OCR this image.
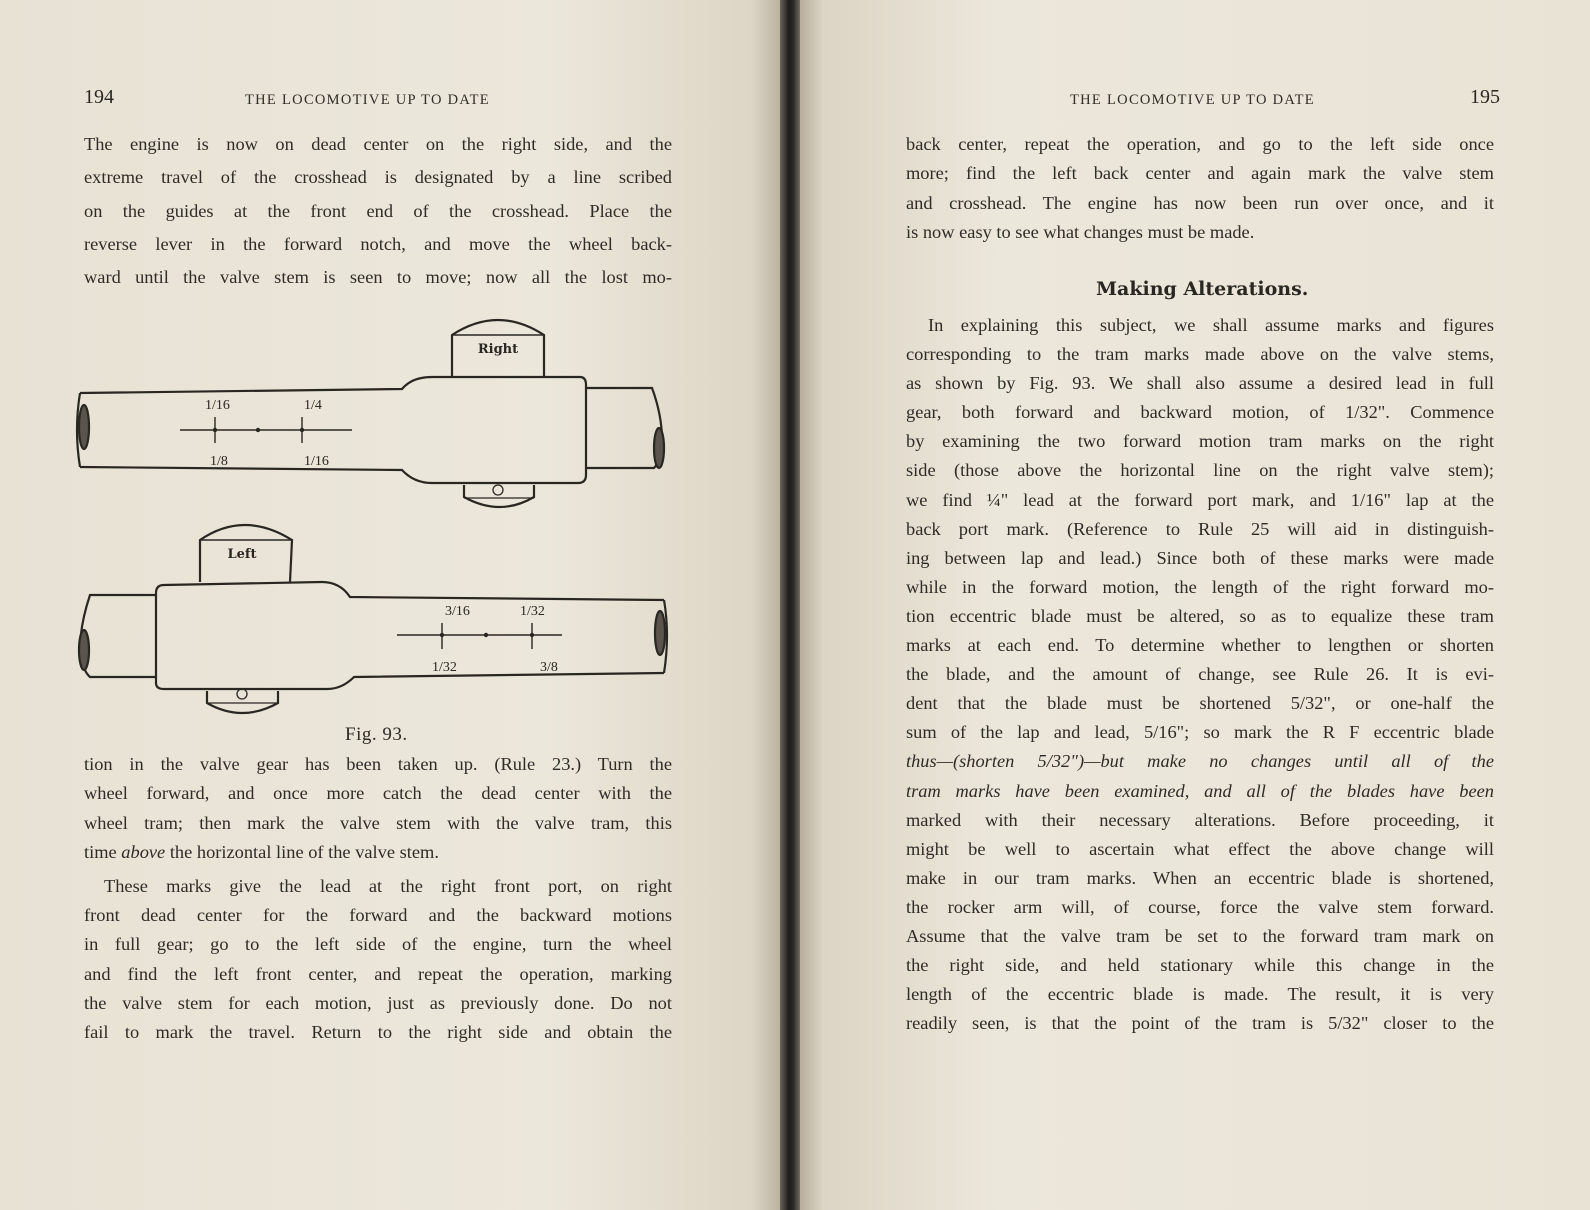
194	THE LOCOMOTIVE UP TO DATE
The engine is now on dead center on the right side, and the
extreme travel of the crosshead is designated by a line scribed
on the guides at the front end of the crosshead. Place the
reverse lever in the forward notch, and move the wheel back-
ward until the valve stem is seen to move; now all the lost mo-
Right
Left
1/16	1/4
1/8	1/16
3/16	1/32
1/32	3/8
Fig. 93.
tion in the valve gear has been taken up. (Rule 23.) Turn the
wheel forward, and once more catch the dead center with the
wheel tram; then mark the valve stem with the valve tram, this
time above the horizontal line of the valve stem.
These marks give the lead at the right front port, on right
front dead center for the forward and the backward motions
in full gear; go to the left side of the engine, turn the wheel
and find the left front center, and repeat the operation, marking
the valve stem for each motion, just as previously done. Do not
fail to mark the travel. Return to the right side and obtain the
THE LOCOMOTIVE UP TO DATE	195
back center, repeat the operation, and go to the left side once
more; find the left back center and again mark the valve stem
and crosshead. The engine has now been run over once, and it
is now easy to see what changes must be made.
Making Alterations.
In explaining this subject, we shall assume marks and figures
corresponding to the tram marks made above on the valve stems,
as shown by Fig. 93. We shall also assume a desired lead in full
gear, both forward and backward motion, of 1/32". Commence
by examining the two forward motion tram marks on the right
side (those above the horizontal line on the right valve stem);
we find ¼" lead at the forward port mark, and 1/16" lap at the
back port mark. (Reference to Rule 25 will aid in distinguish-
ing between lap and lead.) Since both of these marks were made
while in the forward motion, the length of the right forward mo-
tion eccentric blade must be altered, so as to equalize these tram
marks at each end. To determine whether to lengthen or shorten
the blade, and the amount of change, see Rule 26. It is evi-
dent that the blade must be shortened 5/32", or one-half the
sum of the lap and lead, 5/16"; so mark the R F eccentric blade
thus—(shorten 5/32")—but make no changes until all of the
tram marks have been examined, and all of the blades have been
marked with their necessary alterations. Before proceeding, it
might be well to ascertain what effect the above change will
make in our tram marks. When an eccentric blade is shortened,
the rocker arm will, of course, force the valve stem forward.
Assume that the valve tram be set to the forward tram mark on
the right side, and held stationary while this change in the
length of the eccentric blade is made. The result, it is very
readily seen, is that the point of the tram is 5/32" closer to the
